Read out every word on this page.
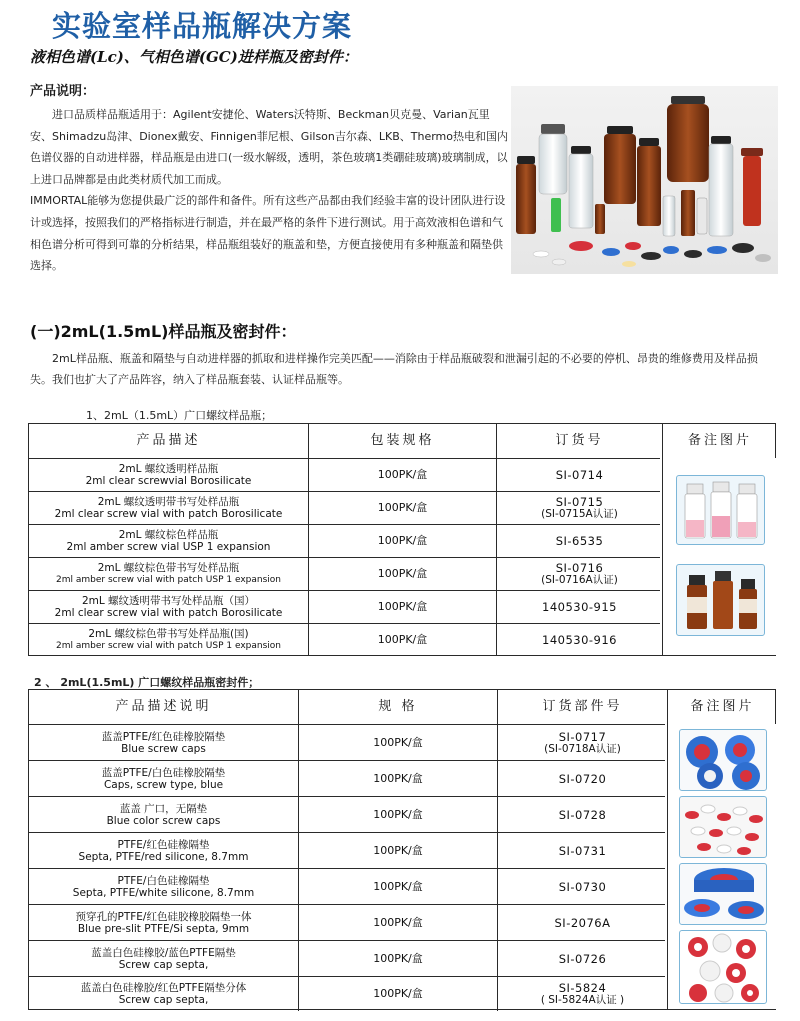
实验室样品瓶解决方案
液相色谱(Lc)、气相色谱(GC)进样瓶及密封件：
产品说明：

进口品质样品瓶适用于：Agilent安捷伦、Waters沃特斯、Beckman贝克曼、Varian瓦里安、Shimadzu岛津、Dionex戴安、Finnigen菲尼根、Gilson吉尔森、LKB、Thermo热电和国内色谱仪器的自动进样器，样品瓶是由进口(一级水解级，透明，茶色玻璃1类硼硅玻璃)玻璃制成，以上进口品牌都是由此类材质代加工而成。

IMMORTAL能够为您提供最广泛的部件和备件。所有这些产品都由我们经验丰富的设计团队进行设计或选择，按照我们的严格指标进行制造，并在最严格的条件下进行测试。用于高效液相色谱和气相色谱分析可得到可靠的分析结果，样品瓶组装好的瓶盖和垫，方便直接使用有多种瓶盖和隔垫供选择。

(一)2mL(1.5mL)样品瓶及密封件：

2mL样品瓶、瓶盖和隔垫与自动进样器的抓取和进样操作完美匹配——消除由于样品瓶破裂和泄漏引起的不必要的停机、昂贵的维修费用及样品损失。我们也扩大了产品阵容，纳入了样品瓶套装、认证样品瓶等。

1、2mL（1.5mL）广口螺纹样品瓶；
产品描述	包装规格	订货号	备注图片
2mL 螺纹透明样品瓶
2ml clear screwvial Borosilicate	100PK/盒	SI-0714
2mL 螺纹透明带书写处样品瓶
2ml clear screw vial with patch Borosilicate	100PK/盒	SI-0715
(SI-0715A认证)
2mL 螺纹棕色样品瓶
2ml amber screw vial USP 1 expansion	100PK/盒	SI-6535
2mL 螺纹棕色带书写处样品瓶
2ml amber screw vial with patch USP 1 expansion	100PK/盒	SI-0716
(SI-0716A认证)
2mL 螺纹透明带书写处样品瓶（国）
2ml clear screw vial with patch Borosilicate	100PK/盒	140530-915
2mL 螺纹棕色带书写处样品瓶(国)
2ml amber screw vial with patch USP 1 expansion	100PK/盒	140530-916
2 、 2mL(1.5mL) 广口螺纹样品瓶密封件；
产品描述说明	规 格	订货部件号	备注图片
蓝盖PTFE/红色硅橡胶隔垫
Blue screw caps	100PK/盒	SI-0717
(SI-0718A认证)
蓝盖PTFE/白色硅橡胶隔垫
Caps, screw type, blue	100PK/盒	SI-0720
蓝盖 广口，无隔垫
Blue color screw caps	100PK/盒	SI-0728
PTFE/红色硅橡隔垫
Septa, PTFE/red silicone, 8.7mm	100PK/盒	SI-0731
PTFE/白色硅橡隔垫
Septa, PTFE/white silicone, 8.7mm	100PK/盒	SI-0730
预穿孔的PTFE/红色硅胶橡胶隔垫一体
Blue pre-slit PTFE/Si septa, 9mm	100PK/盒	SI-2076A
蓝盖白色硅橡胶/蓝色PTFE隔垫
Screw cap septa,	100PK/盒	SI-0726
蓝盖白色硅橡胶/红色PTFE隔垫分体
Screw cap septa,	100PK/盒	SI-5824
( SI-5824A认证 )
